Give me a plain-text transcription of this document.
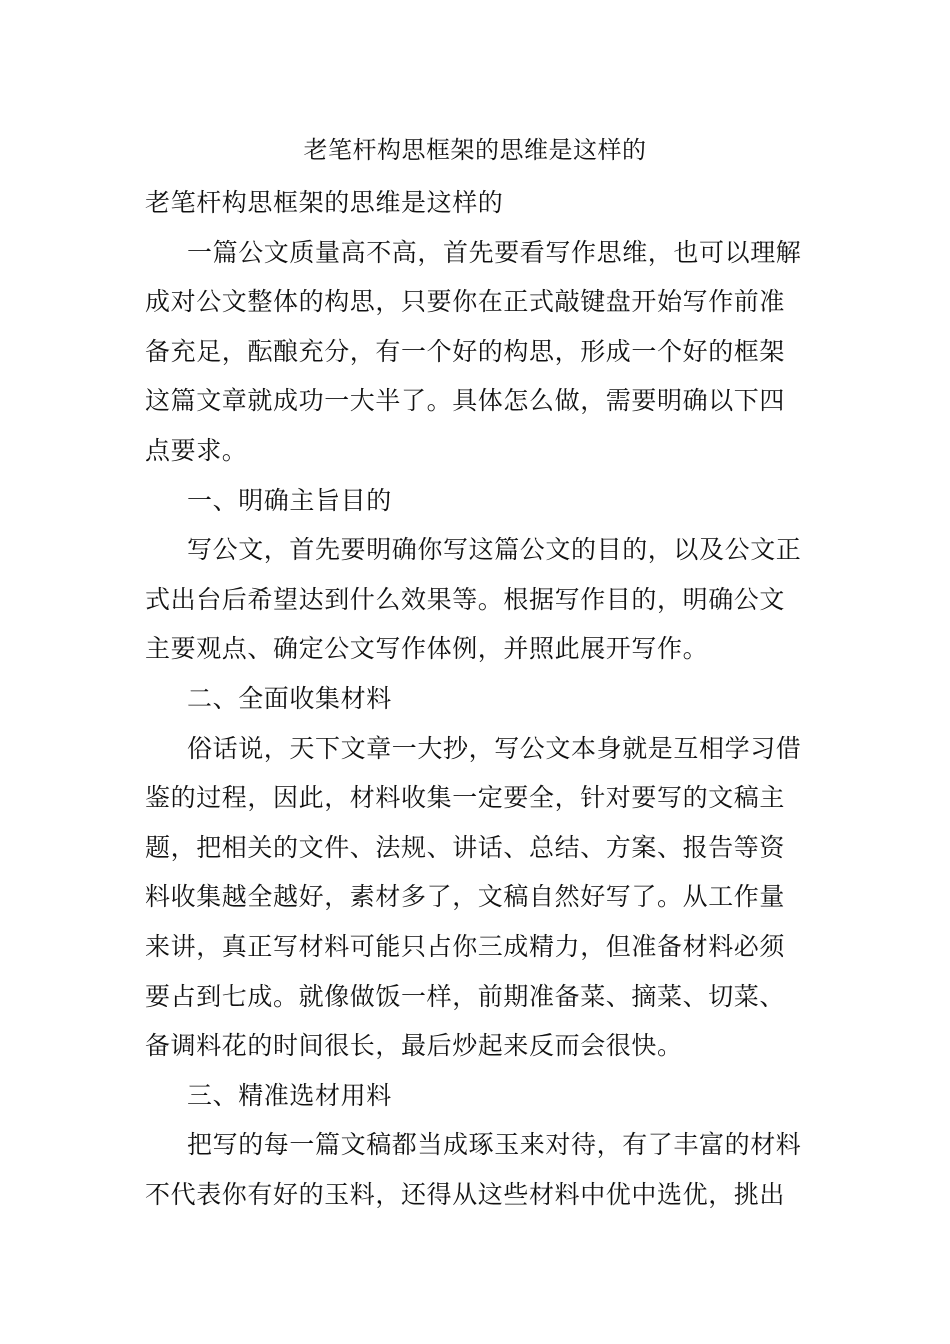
老笔杆构思框架的思维是这样的

老笔杆构思框架的思维是这样的

一篇公文质量高不高，首先要看写作思维，也可以理解

成对公文整体的构思，只要你在正式敲键盘开始写作前准

备充足，酝酿充分，有一个好的构思，形成一个好的框架

这篇文章就成功一大半了。具体怎么做，需要明确以下四

点要求。

一、明确主旨目的

写公文，首先要明确你写这篇公文的目的，以及公文正

式出台后希望达到什么效果等。根据写作目的，明确公文

主要观点、确定公文写作体例，并照此展开写作。

二、全面收集材料

俗话说，天下文章一大抄，写公文本身就是互相学习借

鉴的过程，因此，材料收集一定要全，针对要写的文稿主

题，把相关的文件、法规、讲话、总结、方案、报告等资

料收集越全越好，素材多了，文稿自然好写了。从工作量

来讲，真正写材料可能只占你三成精力，但准备材料必须

要占到七成。就像做饭一样，前期准备菜、摘菜、切菜、

备调料花的时间很长，最后炒起来反而会很快。

三、精准选材用料

把写的每一篇文稿都当成琢玉来对待，有了丰富的材料

不代表你有好的玉料，还得从这些材料中优中选优，挑出
